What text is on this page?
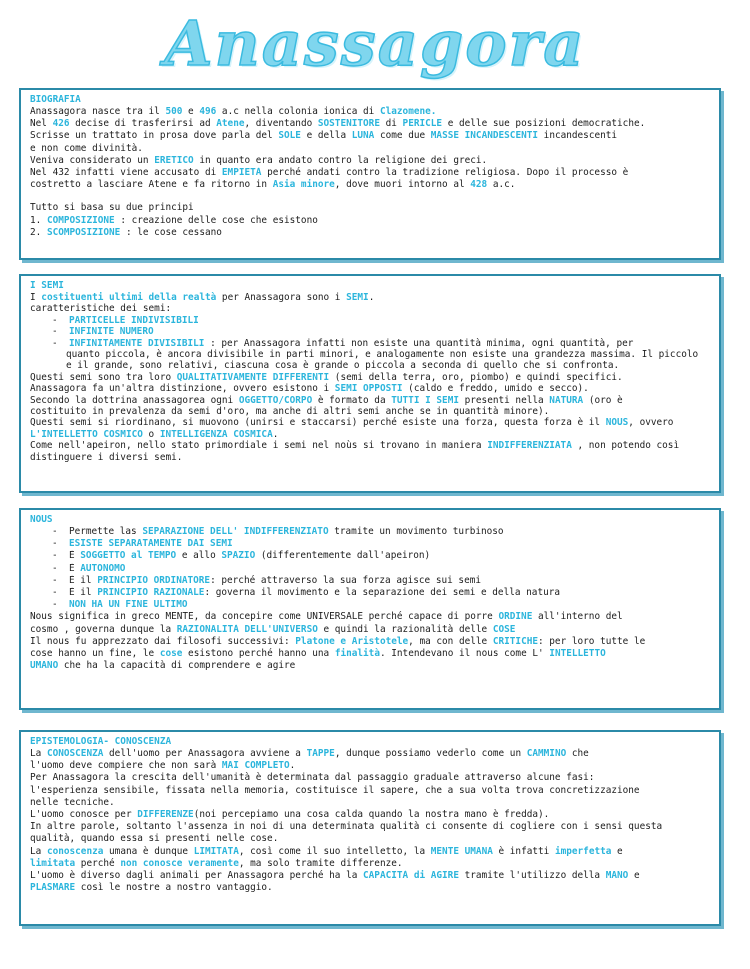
Anassagora
BIOGRAFIA
Anassagora nasce tra il 500 e 496 a.c nella colonia ionica di Clazomene.
Nel 426 decise di trasferirsi ad Atene, diventando SOSTENITORE di PERICLE e delle sue posizioni democratiche.
Scrisse un trattato in prosa dove parla del SOLE e della LUNA come due MASSE INCANDESCENTI incandescenti
e non come divinità.
Veniva considerato un ERETICO in quanto era andato contro la religione dei greci.
Nel 432 infatti viene accusato di EMPIETÀ perché andati contro la tradizione religiosa. Dopo il processo è
costretto a lasciare Atene e fa ritorno in Asia minore, dove muori intorno al 428 a.c.
Tutto si basa su due principi
1. COMPOSIZIONE : creazione delle cose che esistono
2. SCOMPOSIZIONE : le cose cessano
I SEMI
I costituenti ultimi della realtà per Anassagora sono i SEMI.
caratteristiche dei semi:
- PARTICELLE INDIVISIBILI
- INFINITE NUMERO
- INFINITAMENTE DIVISIBILI : per Anassagora infatti non esiste una quantità minima, ogni quantità, per
quanto piccola, è ancora divisibile in parti minori, e analogamente non esiste una grandezza massima. Il piccolo
e il grande, sono relativi, ciascuna cosa è grande o piccola a seconda di quello che si confronta.
Questi semi sono tra loro QUALITATIVAMENTE DIFFERENTI (semi della terra, oro, piombo) e quindi specifici.
Anassagora fa un'altra distinzione, ovvero esistono i SEMI OPPOSTI (caldo e freddo, umido e secco).
Secondo la dottrina anassagorea ogni OGGETTO/CORPO è formato da TUTTI I SEMI presenti nella NATURA (oro è
costituito in prevalenza da semi d'oro, ma anche di altri semi anche se in quantità minore).
Questi semi si riordinano, si muovono (unirsi e staccarsi) perché esiste una forza, questa forza è il NOÙS, ovvero
L'INTELLETTO COSMICO o INTELLIGENZA COSMICA.
Come nell'apeiron, nello stato primordiale i semi nel noùs si trovano in maniera INDIFFERENZIATA , non potendo così
distinguere i diversi semi.
NOUS
- Permette las SEPARAZIONE DELL' INDIFFERENZIATO tramite un movimento turbinoso
- ESISTE SEPARATAMENTE DAI SEMI
- È SOGGETTO al TEMPO e allo SPAZIO (differentemente dall'apeiron)
- È AUTONOMO
- È il PRINCIPIO ORDINATORE: perché attraverso la sua forza agisce sui semi
- È il PRINCIPIO RAZIONALE: governa il movimento e la separazione dei semi e della natura
- NON HA UN FINE ULTIMO
Nous significa in greco MENTE, da concepire come UNIVERSALE perché capace di porre ORDINE all'interno del
cosmo , governa dunque la RAZIONALITÀ DELL'UNIVERSO e quindi la razionalità delle COSE
Il nous fu apprezzato dai filosofi successivi: Platone e Aristotele, ma con delle CRITICHE: per loro tutte le
cose hanno un fine, le cose esistono perché hanno una finalità. Intendevano il nous come L' INTELLETTO
UMANO che ha la capacità di comprendere e agire
EPISTEMOLOGIA- CONOSCENZA
La CONOSCENZA dell'uomo per Anassagora avviene a TAPPE, dunque possiamo vederlo come un CAMMINO che
l'uomo deve compiere che non sarà MAI COMPLETO.
Per Anassagora la crescita dell'umanità è determinata dal passaggio graduale attraverso alcune fasi:
l'esperienza sensibile, fissata nella memoria, costituisce il sapere, che a sua volta trova concretizzazione
nelle tecniche.
L'uomo conosce per DIFFERENZE(noi percepiamo una cosa calda quando la nostra mano è fredda).
In altre parole, soltanto l'assenza in noi di una determinata qualità ci consente di cogliere con i sensi questa
qualità, quando essa si presenti nelle cose.
La conoscenza umana è dunque LIMITATA, così come il suo intelletto, la MENTE UMANA è infatti imperfetta e
limitata perché non conosce veramente, ma solo tramite differenze.
L'uomo è diverso dagli animali per Anassagora perché ha la CAPACITÀ di AGIRE tramite l'utilizzo della MANO e
PLASMARE così le nostre a nostro vantaggio.
